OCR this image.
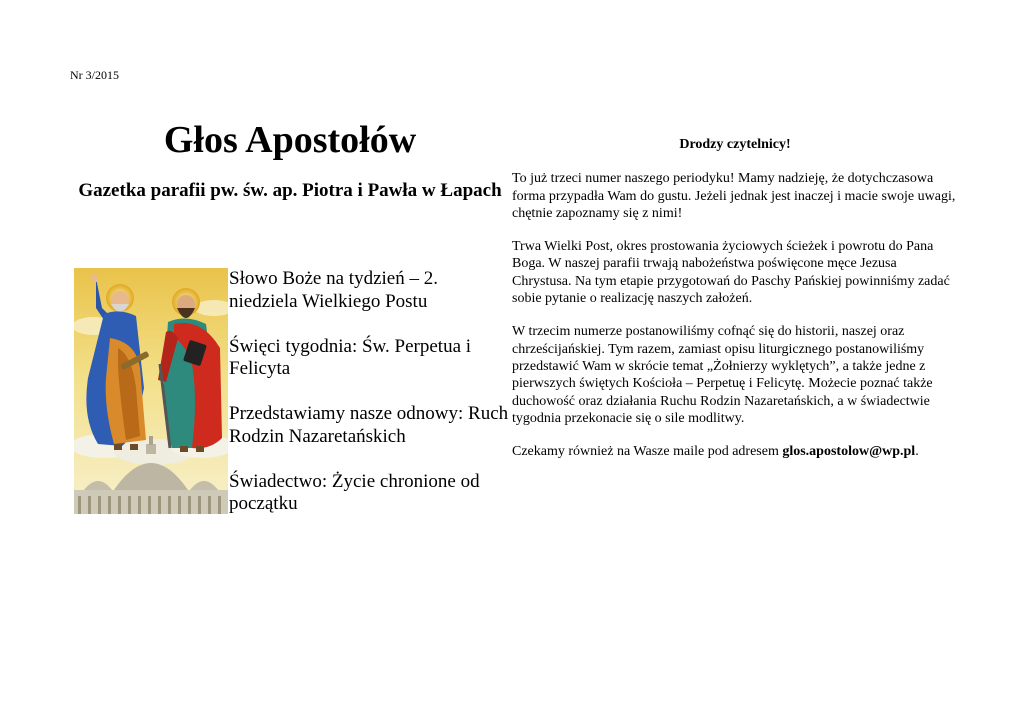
Nr 3/2015
Głos Apostołów
Gazetka parafii pw. św. ap. Piotra i Pawła w Łapach
Słowo Boże na tydzień – 2. niedziela Wielkiego Postu
Święci tygodnia: Św. Perpetua i Felicyta
Przedstawiamy nasze odnowy: Ruch Rodzin Nazaretańskich
Świadectwo: Życie chronione od początku
Drodzy czytelnicy!

To już trzeci numer naszego periodyku! Mamy nadzieję, że dotychczasowa forma przypadła Wam do gustu. Jeżeli jednak jest inaczej i macie swoje uwagi, chętnie zapoznamy się z nimi!

Trwa Wielki Post, okres prostowania życiowych ścieżek i powrotu do Pana Boga. W naszej parafii trwają nabożeństwa poświęcone męce Jezusa Chrystusa. Na tym etapie przygotowań do Paschy Pańskiej powinniśmy zadać sobie pytanie o realizację naszych założeń.

W trzecim numerze postanowiliśmy cofnąć się do historii, naszej oraz chrześcijańskiej. Tym razem, zamiast opisu liturgicznego postanowiliśmy przedstawić Wam w skrócie temat „Żołnierzy wyklętych”, a także jedne z pierwszych świętych Kościoła – Perpetuę i Felicytę. Możecie poznać także duchowość oraz działania Ruchu Rodzin Nazaretańskich, a w świadectwie tygodnia przekonacie się o sile modlitwy.

Czekamy również na Wasze maile pod adresem glos.apostolow@wp.pl.
